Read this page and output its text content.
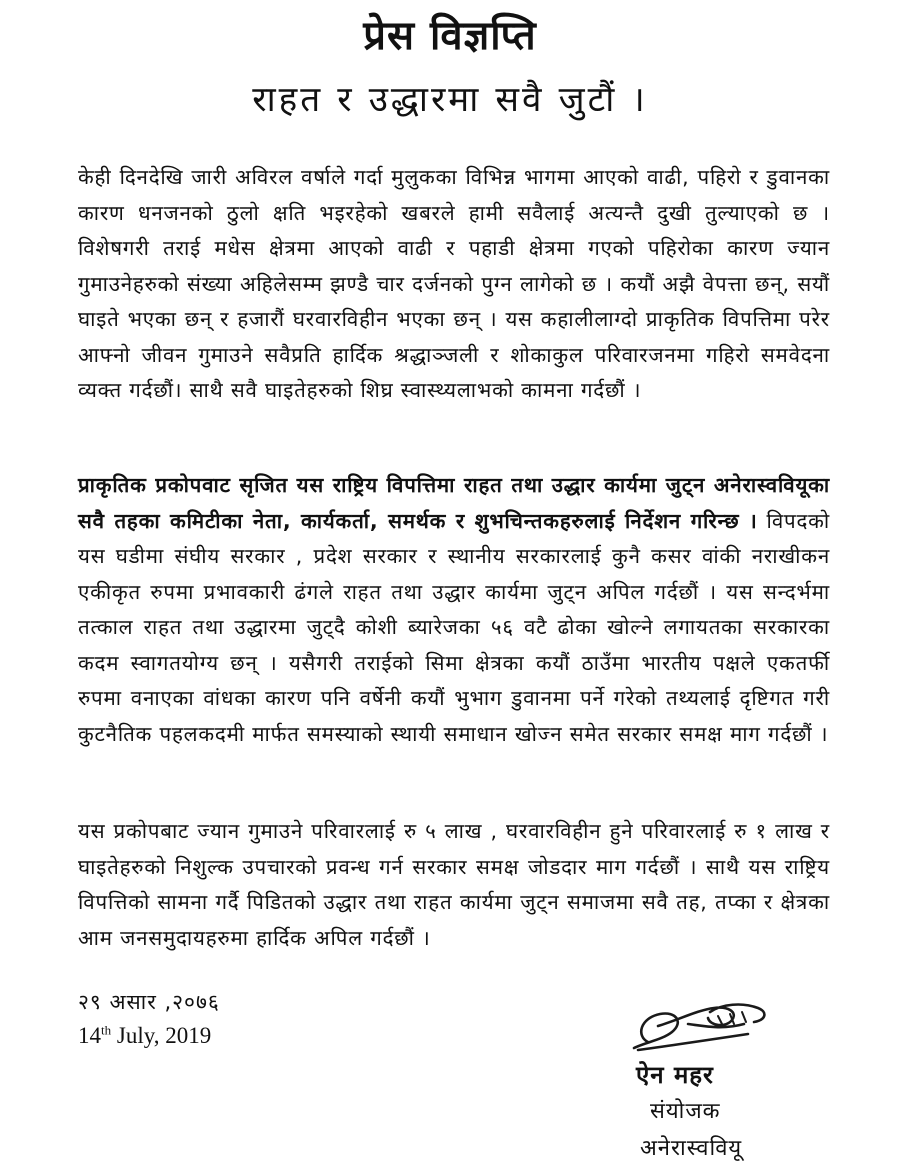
प्रेस विज्ञप्ति
राहत र उद्धारमा सवै जुटौं ।

केही दिनदेखि जारी अविरल वर्षाले गर्दा मुलुकका विभिन्न भागमा आएको वाढी, पहिरो र डुवानका कारण धनजनको ठुलो क्षति भइरहेको खबरले हामी सवैलाई अत्यन्तै दुखी तुल्याएको छ । विशेषगरी तराई मधेस क्षेत्रमा आएको वाढी र पहाडी क्षेत्रमा गएको पहिरोका कारण ज्यान गुमाउनेहरुको संख्या अहिलेसम्म झण्डै चार दर्जनको पुग्न लागेको छ । कयौं अझै वेपत्ता छन्, सयौं घाइते भएका छन् र हजारौं घरवारविहीन भएका छन् । यस कहालीलाग्दो प्राकृतिक विपत्तिमा परेर आफ्नो जीवन गुमाउने सवैप्रति हार्दिक श्रद्धाञ्जली र शोकाकुल परिवारजनमा गहिरो समवेदना व्यक्त गर्दछौं। साथै सवै घाइतेहरुको शिघ्र स्वास्थ्यलाभको कामना गर्दछौं ।

प्राकृतिक प्रकोपवाट सृजित यस राष्ट्रिय विपत्तिमा राहत तथा उद्धार कार्यमा जुट्न अनेरास्ववियूका सवै तहका कमिटीका नेता, कार्यकर्ता, समर्थक र शुभचिन्तकहरुलाई निर्देशन गरिन्छ । विपदको यस घडीमा संघीय सरकार , प्रदेश सरकार र स्थानीय सरकारलाई कुनै कसर वांकी नराखीकन एकीकृत रुपमा प्रभावकारी ढंगले राहत तथा उद्धार कार्यमा जुट्न अपिल गर्दछौं । यस सन्दर्भमा तत्काल राहत तथा उद्धारमा जुट्दै कोशी ब्यारेजका ५६ वटै ढोका खोल्ने लगायतका सरकारका कदम स्वागतयोग्य छन् । यसैगरी तराईको सिमा क्षेत्रका कयौं ठाउँमा भारतीय पक्षले एकतर्फी रुपमा वनाएका वांधका कारण पनि वर्षेनी कयौं भुभाग डुवानमा पर्ने गरेको तथ्यलाई दृष्टिगत गरी कुटनैतिक पहलकदमी मार्फत समस्याको स्थायी समाधान खोज्न समेत सरकार समक्ष माग गर्दछौं ।

यस प्रकोपबाट ज्यान गुमाउने परिवारलाई रु ५ लाख , घरवारविहीन हुने परिवारलाई रु १ लाख र घाइतेहरुको निशुल्क उपचारको प्रवन्ध गर्न सरकार समक्ष जोडदार माग गर्दछौं । साथै यस राष्ट्रिय विपत्तिको सामना गर्दै पिडितको उद्धार तथा राहत कार्यमा जुट्न समाजमा सवै तह, तप्का र क्षेत्रका आम जनसमुदायहरुमा हार्दिक अपिल गर्दछौं ।

२९ असार ,२०७६
14th July, 2019
ऐन महर
संयोजक
अनेरास्ववियू
